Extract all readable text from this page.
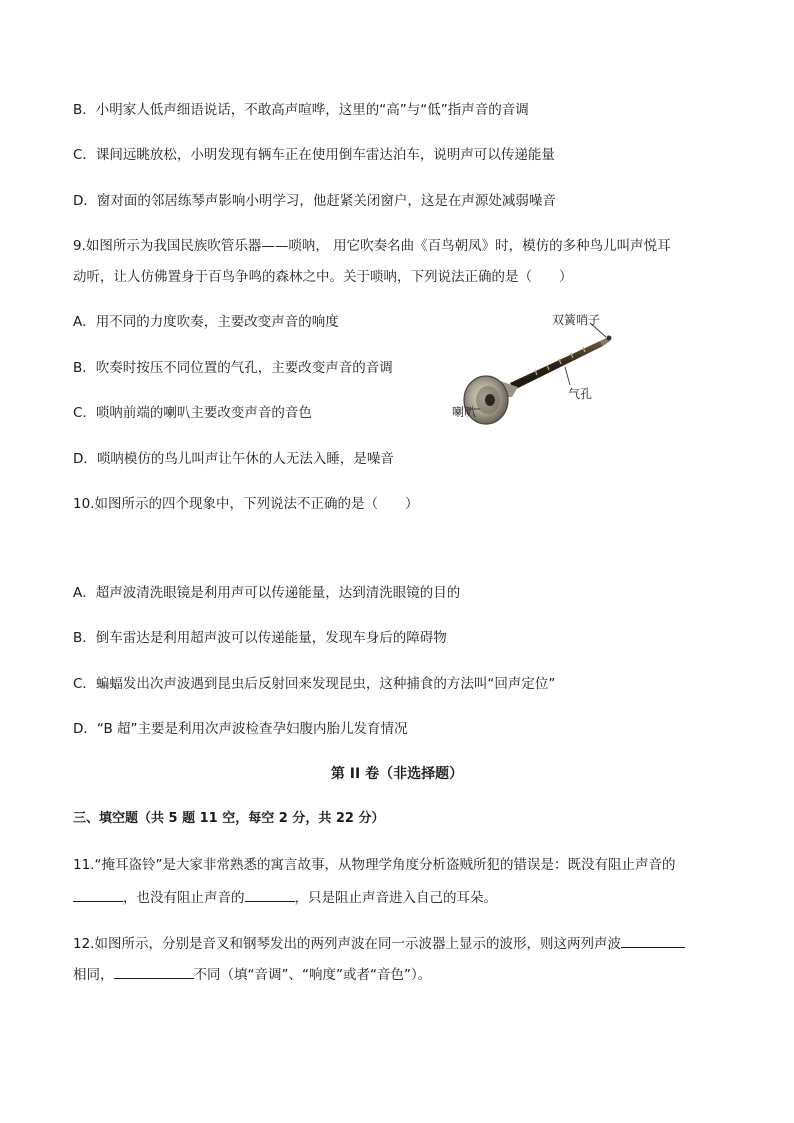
B．小明家人低声细语说话，不敢高声喧哗，这里的“高”与“低”指声音的音调
C．课间远眺放松，小明发现有辆车正在使用倒车雷达泊车，说明声可以传递能量
D．窗对面的邻居练琴声影响小明学习，他赶紧关闭窗户，这是在声源处减弱噪音
9.如图所示为我国民族吹管乐器——唢呐， 用它吹奏名曲《百鸟朝凤》时，模仿的多种鸟儿叫声悦耳
动听，让人仿佛置身于百鸟争鸣的森林之中。关于唢呐，下列说法正确的是（　　）
A．用不同的力度吹奏，主要改变声音的响度
B．吹奏时按压不同位置的气孔，主要改变声音的音调
C．唢呐前端的喇叭主要改变声音的音色
D．唢呐模仿的鸟儿叫声让午休的人无法入睡，是噪音
双簧哨子
气孔
喇叭
10.如图所示的四个现象中，下列说法不正确的是（　　）
A．超声波清洗眼镜是利用声可以传递能量，达到清洗眼镜的目的
B．倒车雷达是利用超声波可以传递能量，发现车身后的障碍物
C．蝙蝠发出次声波遇到昆虫后反射回来发现昆虫，这种捕食的方法叫“回声定位”
D．“B 超”主要是利用次声波检查孕妇腹内胎儿发育情况
第 II 卷（非选择题）
三、填空题（共 5 题 11 空，每空 2 分，共 22 分）
11.“掩耳盗铃”是大家非常熟悉的寓言故事，从物理学角度分析盗贼所犯的错误是：既没有阻止声音的
，也没有阻止声音的	，只是阻止声音进入自己的耳朵。
12.如图所示，分别是音叉和钢琴发出的两列声波在同一示波器上显示的波形，则这两列声波
相同，	不同（填“音调”、“响度”或者“音色”）。
